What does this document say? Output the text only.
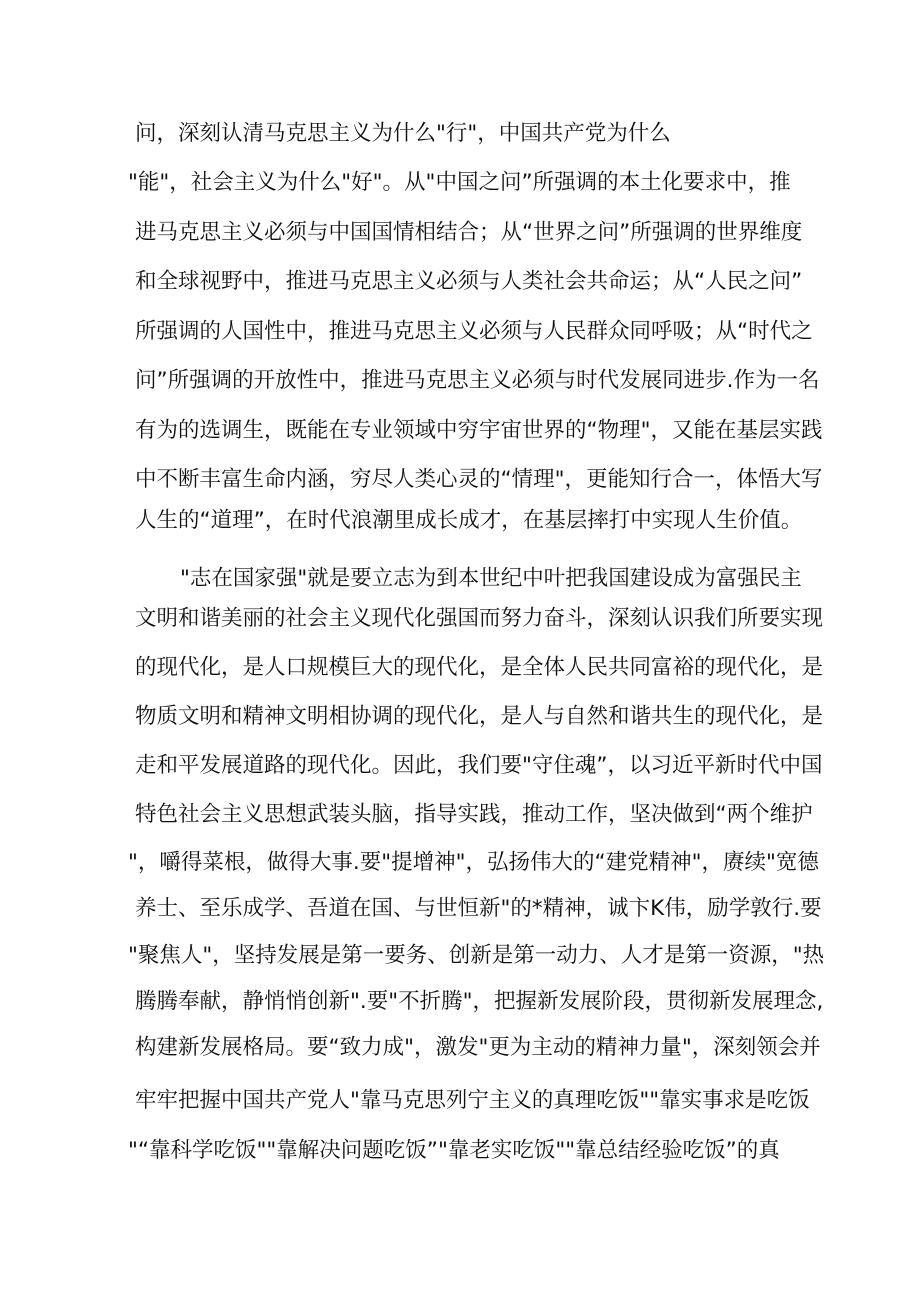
问，深刻认清马克思主义为什么"行"，中国共产党为什么
"能"，社会主义为什么"好"。从"中国之问”所强调的本土化要求中，推
进马克思主义必须与中国国情相结合；从“世界之问”所强调的世界维度
和全球视野中，推进马克思主义必须与人类社会共命运；从“人民之问”
所强调的人国性中，推进马克思主义必须与人民群众同呼吸；从“时代之
问”所强调的开放性中，推进马克思主义必须与时代发展同进步.作为一名
有为的选调生，既能在专业领域中穷宇宙世界的“物理"，又能在基层实践
中不断丰富生命内涵，穷尽人类心灵的“情理"，更能知行合一，体悟大写
人生的“道理”，在时代浪潮里成长成才，在基层摔打中实现人生价值。
"志在国家强"就是要立志为到本世纪中叶把我国建设成为富强民主
文明和谐美丽的社会主义现代化强国而努力奋斗，深刻认识我们所要实现
的现代化，是人口规模巨大的现代化，是全体人民共同富裕的现代化，是
物质文明和精神文明相协调的现代化，是人与自然和谐共生的现代化，是
走和平发展道路的现代化。因此，我们要"守住魂”，以习近平新时代中国
特色社会主义思想武装头脑，指导实践，推动工作，坚决做到“两个维护
"，嚼得菜根，做得大事.要"提增神"，弘扬伟大的“建党精神"，赓续"宽德
养士、至乐成学、吾道在国、与世恒新"的*精神，诚卞K伟，励学敦行.要
"聚焦人"，坚持发展是第一要务、创新是第一动力、人才是第一资源，"热
腾腾奉献，静悄悄创新".要"不折腾"，把握新发展阶段，贯彻新发展理念,
构建新发展格局。要“致力成"，激发"更为主动的精神力量"，深刻领会并
牢牢把握中国共产党人"靠马克思列宁主义的真理吃饭""靠实事求是吃饭
"“靠科学吃饭""靠解决问题吃饭”"靠老实吃饭""靠总结经验吃饭”的真
